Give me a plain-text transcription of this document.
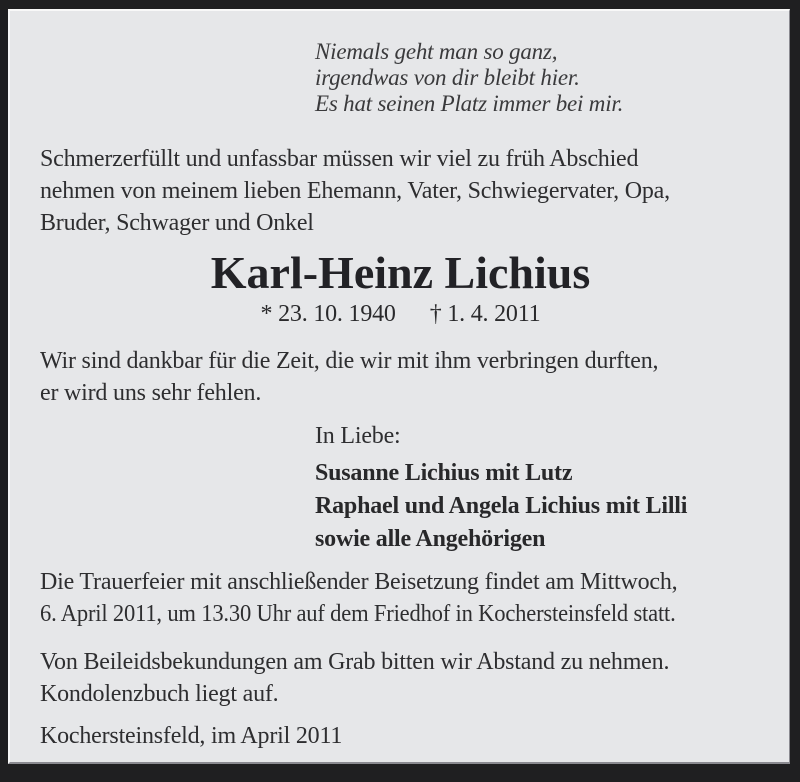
Niemals geht man so ganz,
irgendwas von dir bleibt hier.
Es hat seinen Platz immer bei mir.
Schmerzerfüllt und unfassbar müssen wir viel zu früh Abschied
nehmen von meinem lieben Ehemann, Vater, Schwiegervater, Opa,
Bruder, Schwager und Onkel
Karl-Heinz Lichius
* 23. 10. 1940 † 1. 4. 2011
Wir sind dankbar für die Zeit, die wir mit ihm verbringen durften,
er wird uns sehr fehlen.
In Liebe:
Susanne Lichius mit Lutz
Raphael und Angela Lichius mit Lilli
sowie alle Angehörigen
Die Trauerfeier mit anschließender Beisetzung findet am Mittwoch,
6. April 2011, um 13.30 Uhr auf dem Friedhof in Kochersteinsfeld statt.
Von Beileidsbekundungen am Grab bitten wir Abstand zu nehmen.
Kondolenzbuch liegt auf.
Kochersteinsfeld, im April 2011
